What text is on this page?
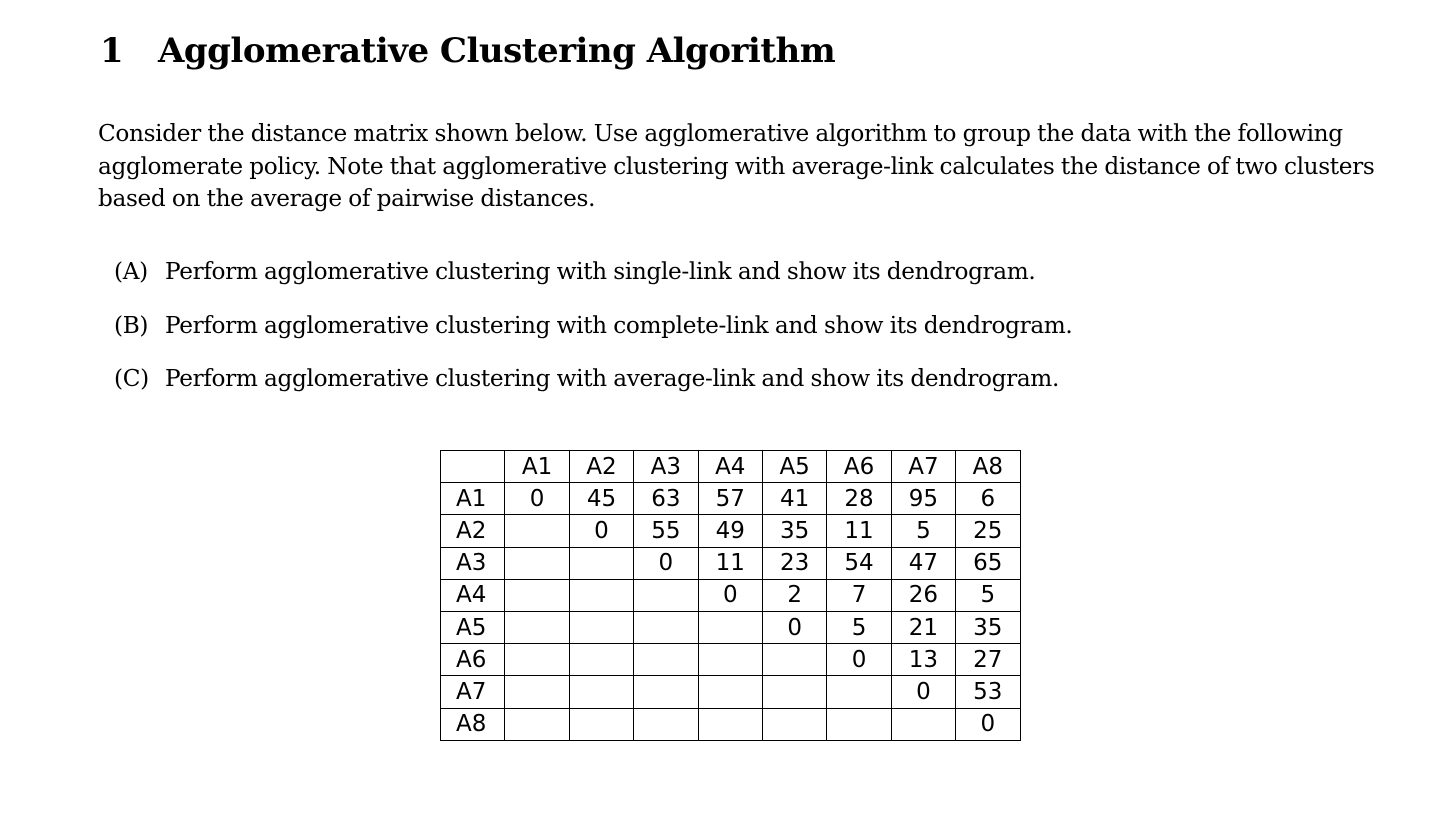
1 Agglomerative Clustering Algorithm
Consider the distance matrix shown below. Use agglomerative algorithm to group the data with the following
agglomerate policy. Note that agglomerative clustering with average-link calculates the distance of two clusters
based on the average of pairwise distances.
(A) Perform agglomerative clustering with single-link and show its dendrogram.
(B) Perform agglomerative clustering with complete-link and show its dendrogram.
(C) Perform agglomerative clustering with average-link and show its dendrogram.
	A1	A2	A3	A4	A5	A6	A7	A8
A1	0	45	63	57	41	28	95	6
A2		0	55	49	35	11	5	25
A3			0	11	23	54	47	65
A4				0	2	7	26	5
A5					0	5	21	35
A6						0	13	27
A7							0	53
A8								0
